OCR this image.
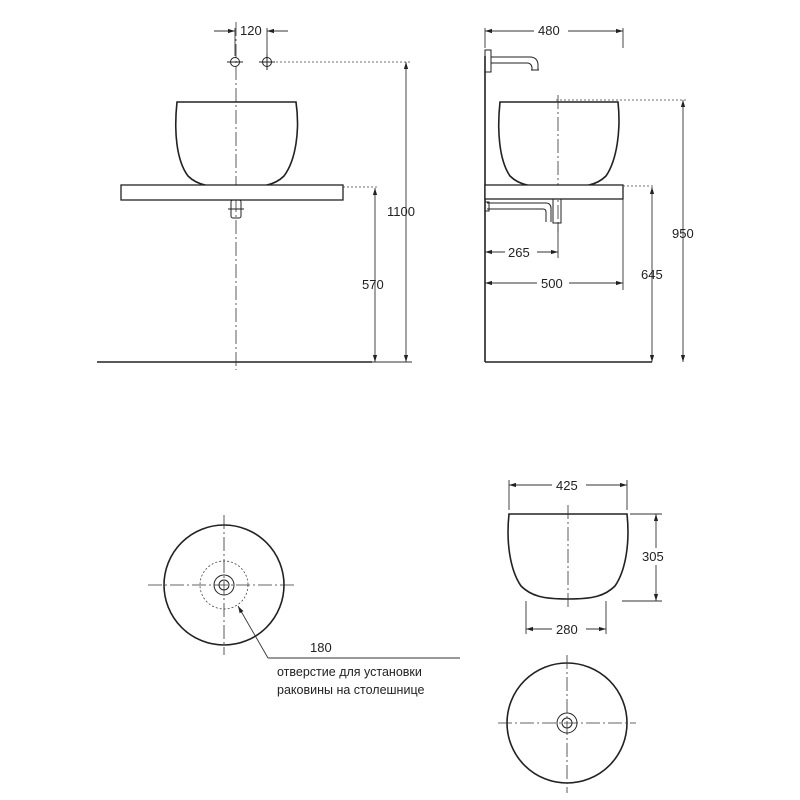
120
1100
570
480
265
500
645
950
180
отверстие для установки
раковины на столешнице
425
305
280
